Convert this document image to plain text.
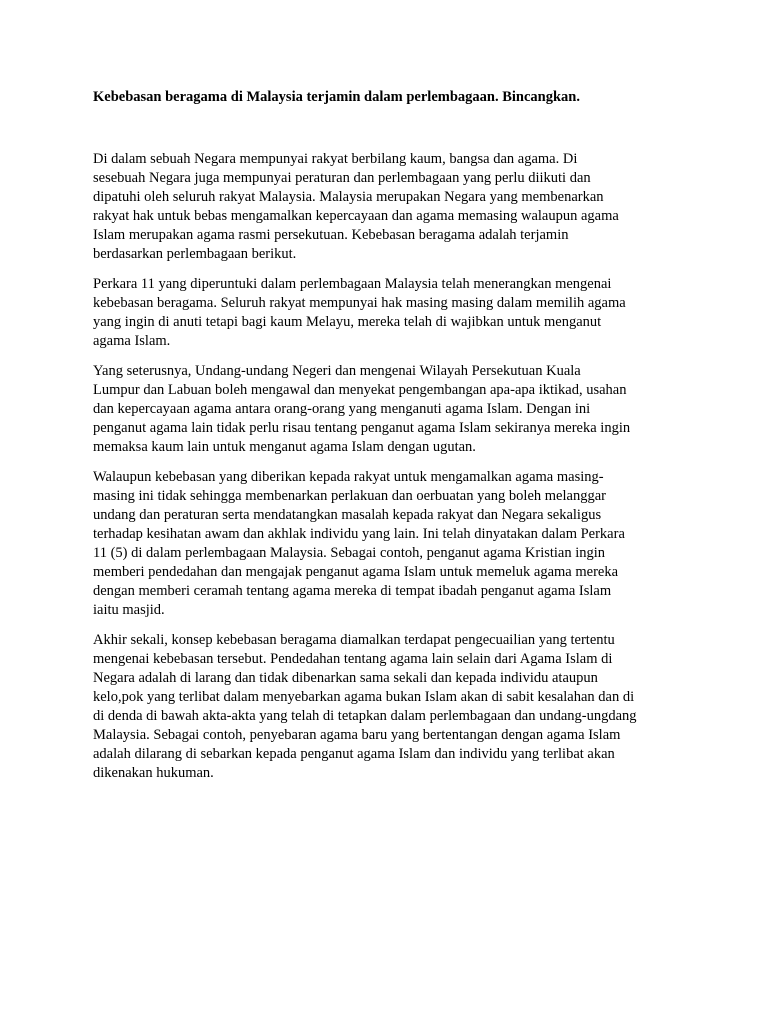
Kebebasan beragama di Malaysia terjamin dalam perlembagaan. Bincangkan.

Di dalam sebuah Negara mempunyai rakyat berbilang kaum, bangsa dan agama. Di
sesebuah Negara juga mempunyai peraturan dan perlembagaan yang perlu diikuti dan
dipatuhi oleh seluruh rakyat Malaysia. Malaysia merupakan Negara yang membenarkan
rakyat hak untuk bebas mengamalkan kepercayaan dan agama memasing walaupun agama
Islam merupakan agama rasmi persekutuan. Kebebasan beragama adalah terjamin
berdasarkan perlembagaan berikut.

Perkara 11 yang diperuntuki dalam perlembagaan Malaysia telah menerangkan mengenai
kebebasan beragama. Seluruh rakyat mempunyai hak masing masing dalam memilih agama
yang ingin di anuti tetapi bagi kaum Melayu, mereka telah di wajibkan untuk menganut
agama Islam.

Yang seterusnya, Undang-undang Negeri dan mengenai Wilayah Persekutuan Kuala
Lumpur dan Labuan boleh mengawal dan menyekat pengembangan apa-apa iktikad, usahan
dan kepercayaan agama antara orang-orang yang menganuti agama Islam. Dengan ini
penganut agama lain tidak perlu risau tentang penganut agama Islam sekiranya mereka ingin
memaksa kaum lain untuk menganut agama Islam dengan ugutan.

Walaupun kebebasan yang diberikan kepada rakyat untuk mengamalkan agama masing-
masing ini tidak sehingga membenarkan perlakuan dan oerbuatan yang boleh melanggar
undang dan peraturan serta mendatangkan masalah kepada rakyat dan Negara sekaligus
terhadap kesihatan awam dan akhlak individu yang lain. Ini telah dinyatakan dalam Perkara
11 (5) di dalam perlembagaan Malaysia. Sebagai contoh, penganut agama Kristian ingin
memberi pendedahan dan mengajak penganut agama Islam untuk memeluk agama mereka
dengan memberi ceramah tentang agama mereka di tempat ibadah penganut agama Islam
iaitu masjid.

Akhir sekali, konsep kebebasan beragama diamalkan terdapat pengecuailian yang tertentu
mengenai kebebasan tersebut. Pendedahan tentang agama lain selain dari Agama Islam di
Negara adalah di larang dan tidak dibenarkan sama sekali dan kepada individu ataupun
kelo,pok yang terlibat dalam menyebarkan agama bukan Islam akan di sabit kesalahan dan di
di denda di bawah akta-akta yang telah di tetapkan dalam perlembagaan dan undang-ungdang
Malaysia. Sebagai contoh, penyebaran agama baru yang bertentangan dengan agama Islam
adalah dilarang di sebarkan kepada penganut agama Islam dan individu yang terlibat akan
dikenakan hukuman.
